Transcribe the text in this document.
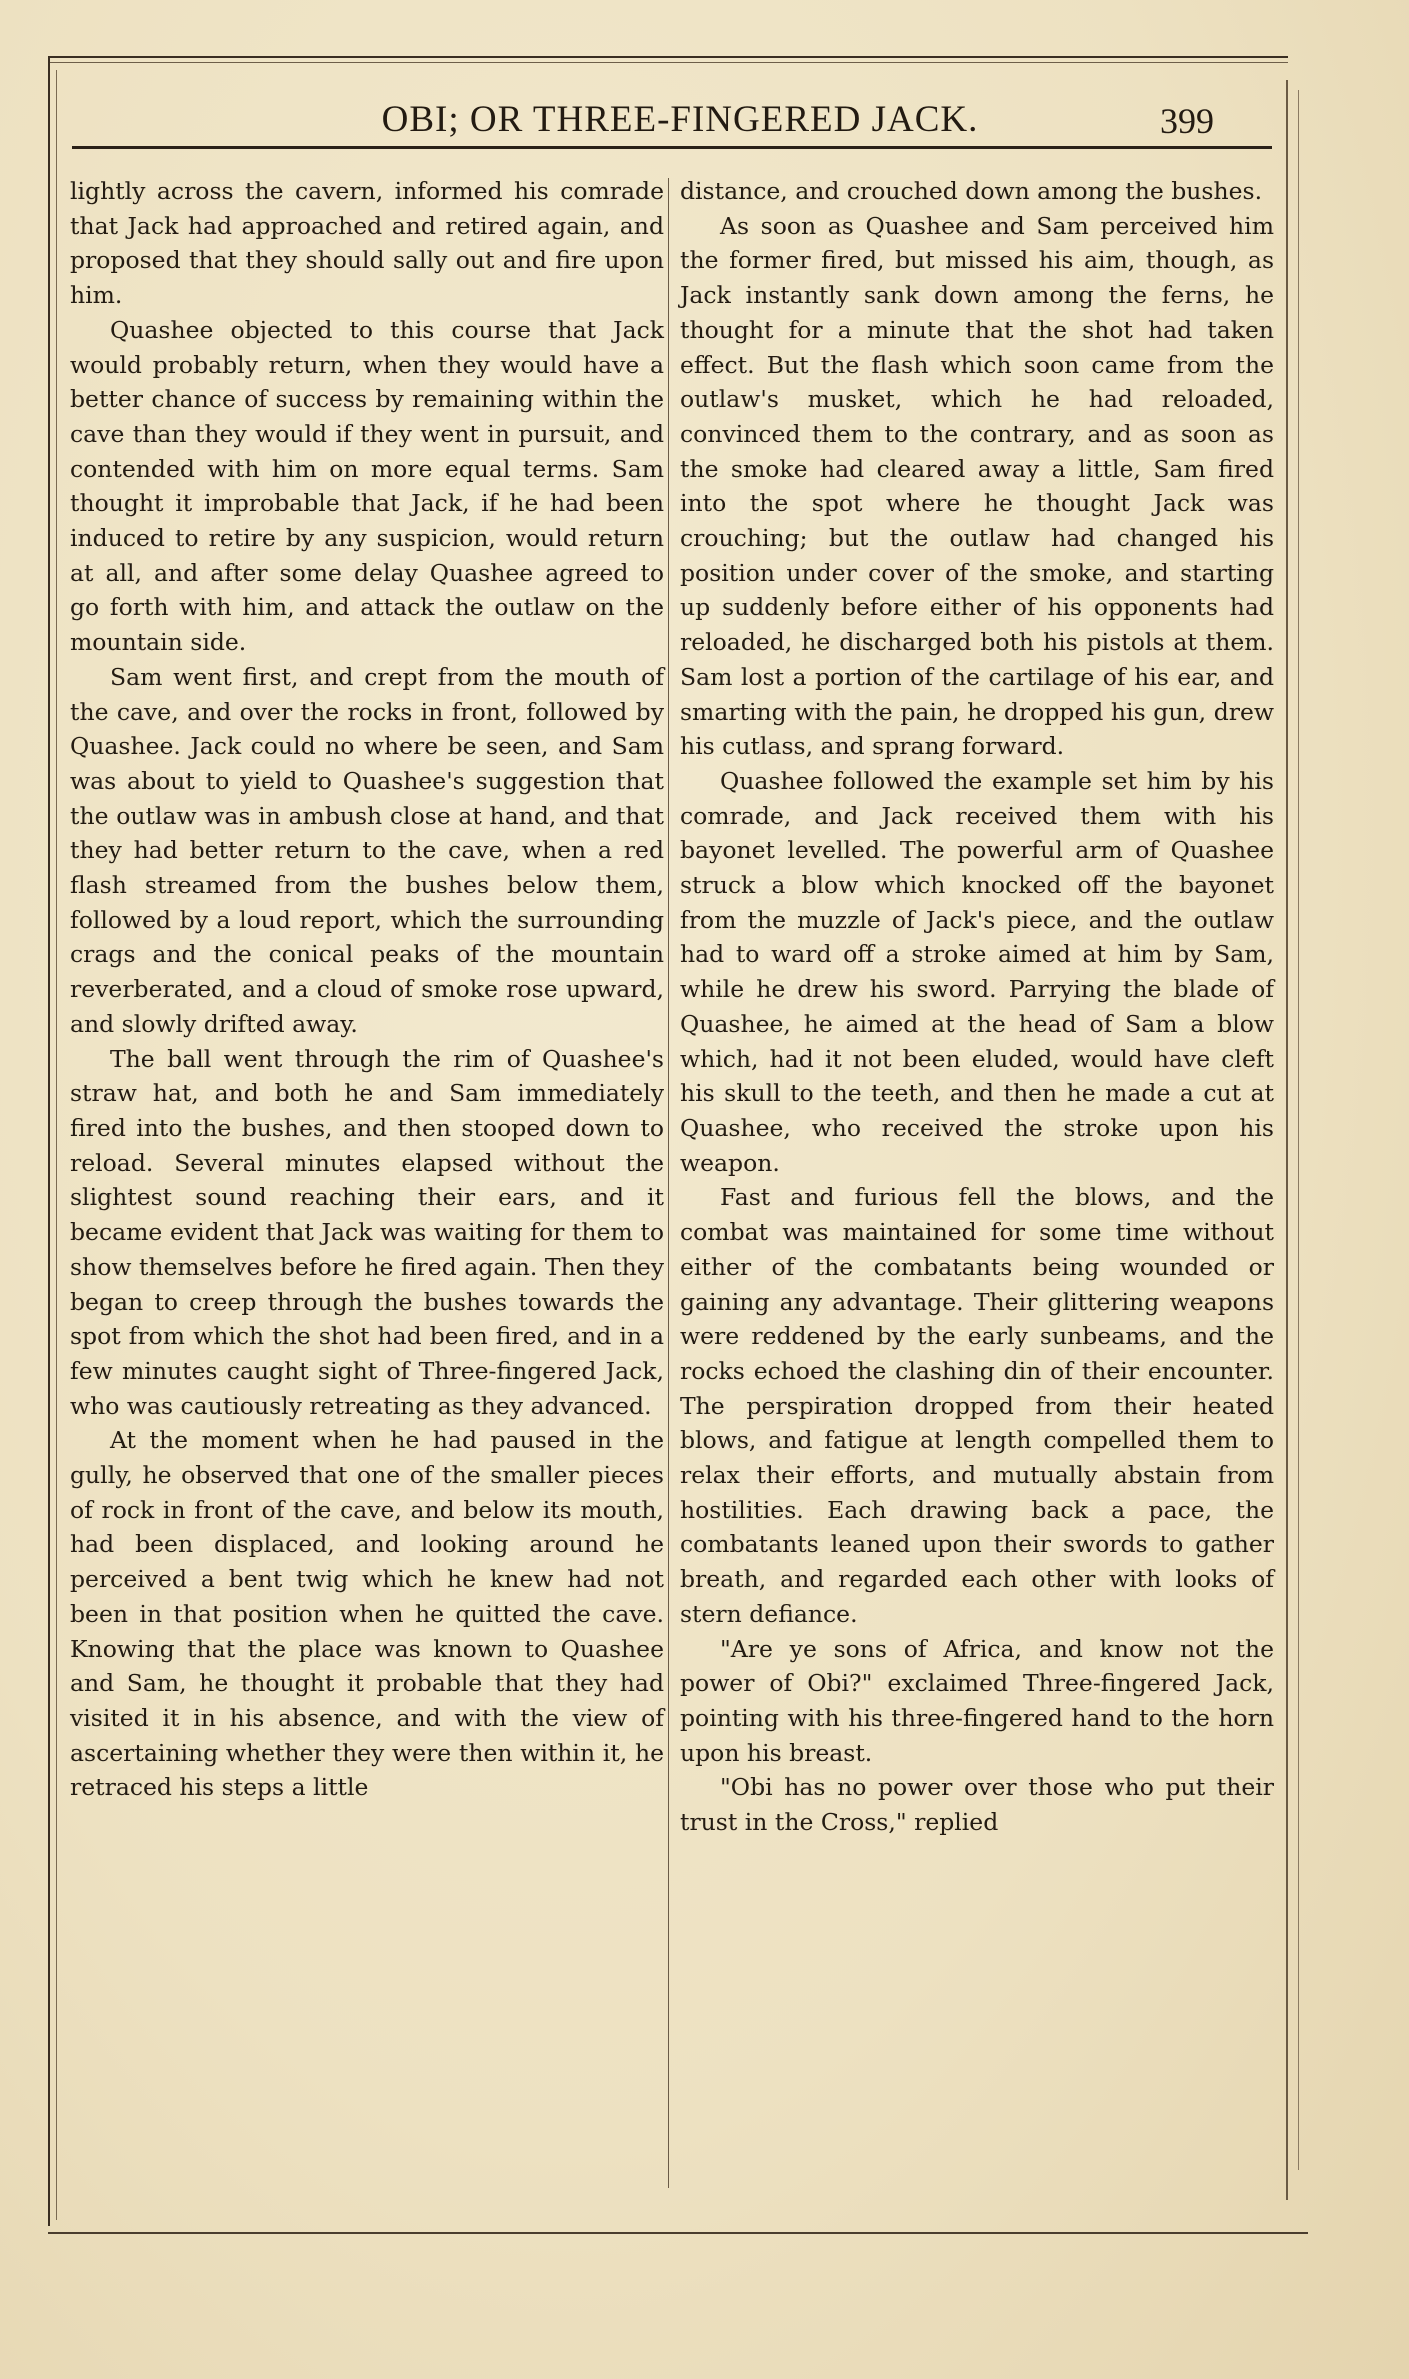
OBI; OR THREE-FINGERED JACK.	399

lightly across the cavern, informed his comrade that Jack had approached and retired again, and proposed that they should sally out and fire upon him.

Quashee objected to this course that Jack would probably return, when they would have a better chance of success by remaining within the cave than they would if they went in pursuit, and contended with him on more equal terms. Sam thought it improbable that Jack, if he had been induced to retire by any suspicion, would return at all, and after some delay Quashee agreed to go forth with him, and attack the outlaw on the mountain side.

Sam went first, and crept from the mouth of the cave, and over the rocks in front, followed by Quashee. Jack could no where be seen, and Sam was about to yield to Quashee's suggestion that the outlaw was in ambush close at hand, and that they had better return to the cave, when a red flash streamed from the bushes below them, followed by a loud report, which the surrounding crags and the conical peaks of the mountain reverberated, and a cloud of smoke rose upward, and slowly drifted away.

The ball went through the rim of Quashee's straw hat, and both he and Sam immediately fired into the bushes, and then stooped down to reload. Several minutes elapsed without the slightest sound reaching their ears, and it became evident that Jack was waiting for them to show themselves before he fired again. Then they began to creep through the bushes towards the spot from which the shot had been fired, and in a few minutes caught sight of Three-fingered Jack, who was cautiously retreating as they advanced.

At the moment when he had paused in the gully, he observed that one of the smaller pieces of rock in front of the cave, and below its mouth, had been displaced, and looking around he perceived a bent twig which he knew had not been in that position when he quitted the cave. Knowing that the place was known to Quashee and Sam, he thought it probable that they had visited it in his absence, and with the view of ascertaining whether they were then within it, he retraced his steps a little

distance, and crouched down among the bushes.

As soon as Quashee and Sam perceived him the former fired, but missed his aim, though, as Jack instantly sank down among the ferns, he thought for a minute that the shot had taken effect. But the flash which soon came from the outlaw's musket, which he had reloaded, convinced them to the contrary, and as soon as the smoke had cleared away a little, Sam fired into the spot where he thought Jack was crouching; but the outlaw had changed his position under cover of the smoke, and starting up suddenly before either of his opponents had reloaded, he discharged both his pistols at them. Sam lost a portion of the cartilage of his ear, and smarting with the pain, he dropped his gun, drew his cutlass, and sprang forward.

Quashee followed the example set him by his comrade, and Jack received them with his bayonet levelled. The powerful arm of Quashee struck a blow which knocked off the bayonet from the muzzle of Jack's piece, and the outlaw had to ward off a stroke aimed at him by Sam, while he drew his sword. Parrying the blade of Quashee, he aimed at the head of Sam a blow which, had it not been eluded, would have cleft his skull to the teeth, and then he made a cut at Quashee, who received the stroke upon his weapon.

Fast and furious fell the blows, and the combat was maintained for some time without either of the combatants being wounded or gaining any advantage. Their glittering weapons were reddened by the early sunbeams, and the rocks echoed the clashing din of their encounter. The perspiration dropped from their heated blows, and fatigue at length compelled them to relax their efforts, and mutually abstain from hostilities. Each drawing back a pace, the combatants leaned upon their swords to gather breath, and regarded each other with looks of stern defiance.

"Are ye sons of Africa, and know not the power of Obi?" exclaimed Three-fingered Jack, pointing with his three-fingered hand to the horn upon his breast.

"Obi has no power over those who put their trust in the Cross," replied
